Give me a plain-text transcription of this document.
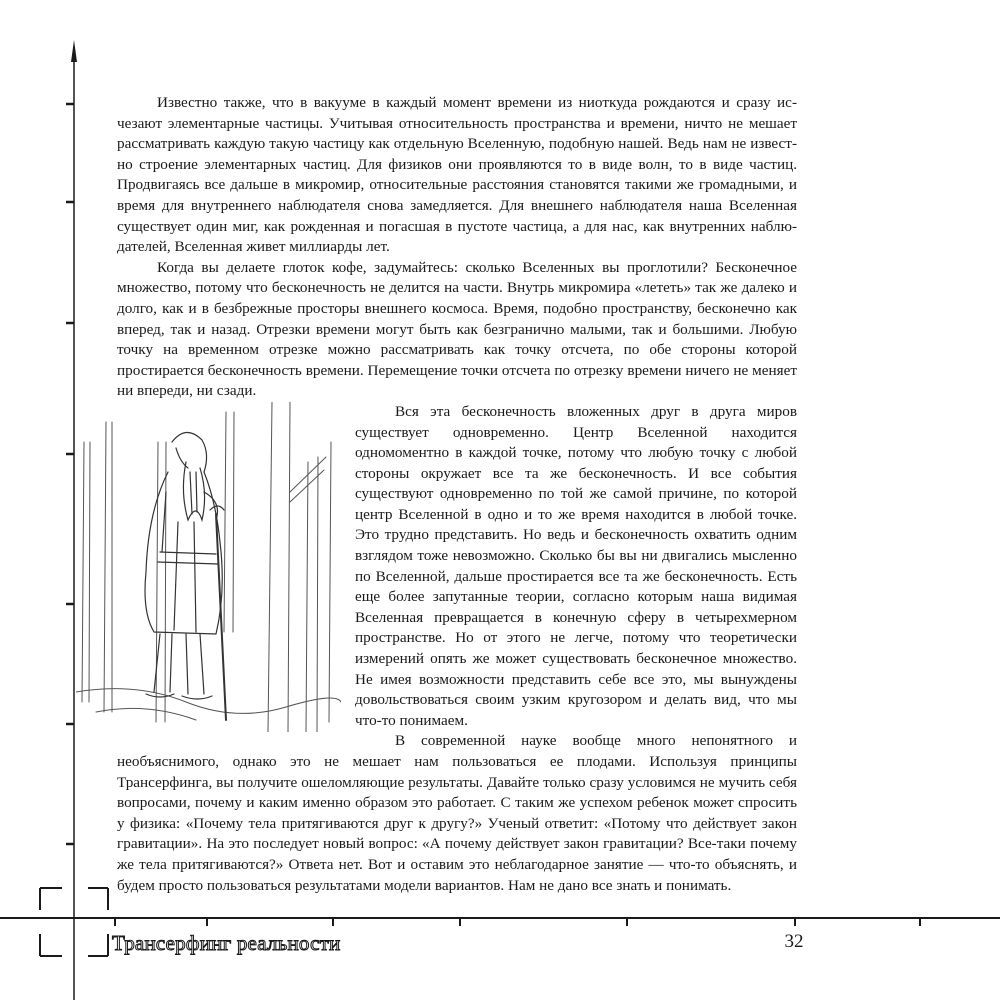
Известно также, что в вакууме в каждый момент времени из ниоткуда рождаются и сразу исчезают элементарные частицы. Учитывая относительность пространства и времени, ничто не мешает рассматривать каждую такую частицу как отдельную Вселенную, подобную нашей. Ведь нам не известно строение элементарных частиц. Для физиков они проявляются то в виде волн, то в виде частиц. Продвигаясь все дальше в микромир, относительные расстояния становятся такими же громадными, и время для внутреннего наблюдателя снова замедляется. Для внешнего наблюдателя наша Вселенная существует один миг, как рожденная и погасшая в пустоте частица, а для нас, как внутренних наблюдателей, Вселенная живет миллиарды лет.

Когда вы делаете глоток кофе, задумайтесь: сколько Вселенных вы проглотили? Бесконечное множество, потому что бесконечность не делится на части. Внутрь микромира «лететь» так же далеко и долго, как и в безбрежные просторы внешнего космоса. Время, подобно пространству, бесконечно как вперед, так и назад. Отрезки времени могут быть как безгранично малыми, так и большими. Любую точку на временном отрезке можно рассматривать как точку отсчета, по обе стороны которой простирается бесконечность времени. Перемещение точки отсчета по отрезку времени ничего не меняет ни впереди, ни сзади.

Вся эта бесконечность вложенных друг в друга миров существует одновременно. Центр Вселенной находится одномоментно в каждой точке, потому что любую точку с любой стороны окружает все та же бесконечность. И все события существуют одновременно по той же самой причине, по которой центр Вселенной в одно и то же время находится в любой точке. Это трудно представить. Но ведь и бесконечность охватить одним взглядом тоже невозможно. Сколько бы вы ни двигались мысленно по Вселенной, дальше простирается все та же бесконечность. Есть еще более запутанные теории, согласно которым наша видимая Вселенная превращается в конечную сферу в четырехмерном пространстве. Но от этого не легче, потому что теоретически измерений опять же может существовать бесконечное множество. Не имея возможности представить себе все это, мы вынуждены довольствоваться своим узким кругозором и делать вид, что мы что-то понимаем.

В современной науке вообще много непонятного и необъяснимого, однако это не мешает нам пользоваться ее плодами. Используя принципы Трансерфинга, вы получите ошеломляющие результаты. Давайте только сразу условимся не мучить себя вопросами, почему и каким именно образом это работает. С таким же успехом ребенок может спросить у физика: «Почему тела притягиваются друг к другу?» Ученый ответит: «Потому что действует закон гравитации». На это последует новый вопрос: «А почему действует закон гравитации? Все-таки почему же тела притягиваются?» Ответа нет. Вот и оставим это неблагодарное занятие — что-то объяснять, и будем просто пользоваться результатами модели вариантов. Нам не дано все знать и понимать.

Трансерфинг реальности	32
